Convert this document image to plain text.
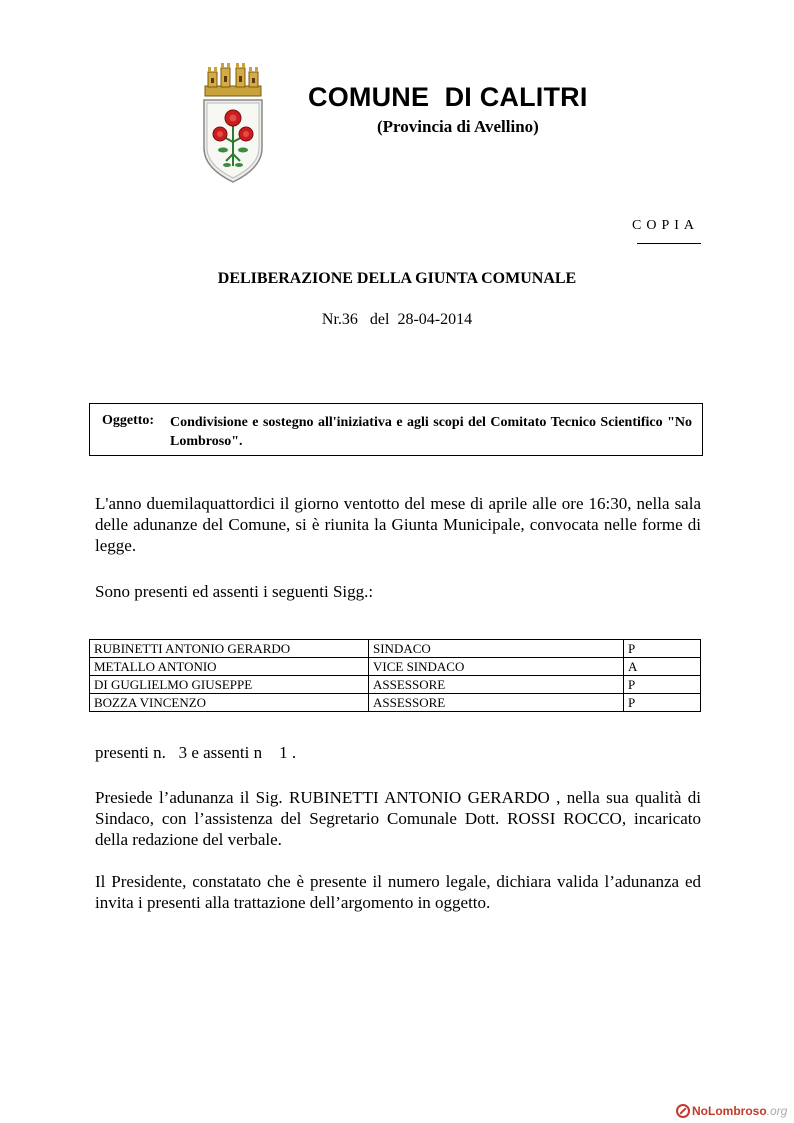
COMUNE  DI CALITRI
(Provincia di Avellino)
COPIA
DELIBERAZIONE DELLA GIUNTA COMUNALE
Nr.36   del  28-04-2014
Oggetto: Condivisione e sostegno all'iniziativa e agli scopi del Comitato Tecnico Scientifico "No Lombroso".
L'anno duemilaquattordici il giorno ventotto del mese di aprile alle ore 16:30, nella sala delle adunanze del Comune, si è riunita la Giunta Municipale, convocata nelle forme di legge.
Sono presenti ed assenti i seguenti Sigg.:
RUBINETTI ANTONIO GERARDO	SINDACO	P
METALLO ANTONIO	VICE SINDACO	A
DI GUGLIELMO GIUSEPPE	ASSESSORE	P
BOZZA VINCENZO	ASSESSORE	P
presenti n.   3 e assenti n    1 .
Presiede l’adunanza il Sig. RUBINETTI ANTONIO GERARDO , nella sua qualità di Sindaco, con l’assistenza del Segretario Comunale Dott. ROSSI ROCCO, incaricato della redazione del verbale.
Il Presidente, constatato che è presente il numero legale, dichiara valida l’adunanza ed invita i presenti alla trattazione dell’argomento in oggetto.
NoLombroso.org
